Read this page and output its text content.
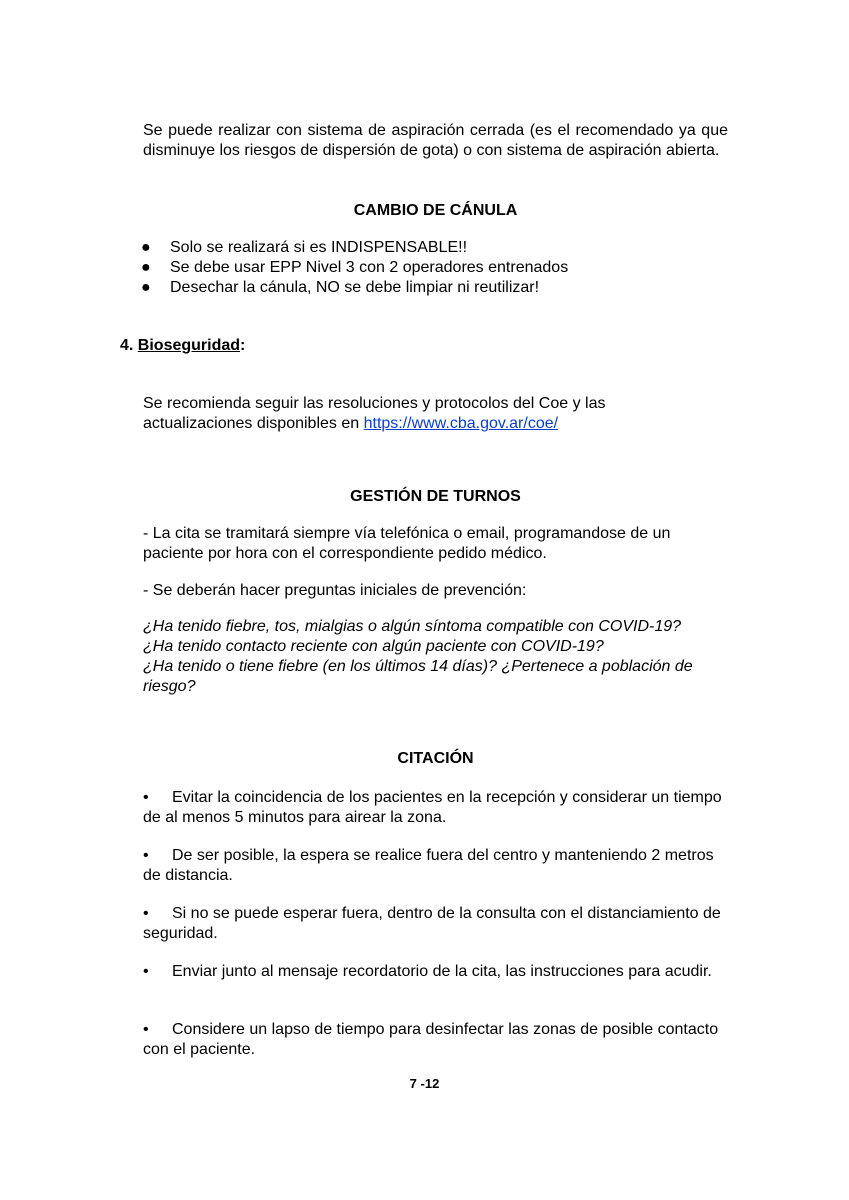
Se puede realizar con sistema de aspiración cerrada (es el recomendado ya que disminuye los riesgos de dispersión de gota) o con sistema de aspiración abierta.
CAMBIO DE CÁNULA
● Solo se realizará si es INDISPENSABLE!!
● Se debe usar EPP Nivel 3 con 2 operadores entrenados
● Desechar la cánula, NO se debe limpiar ni reutilizar!
4. Bioseguridad:
Se recomienda seguir las resoluciones y protocolos del Coe y las
actualizaciones disponibles en https://www.cba.gov.ar/coe/
GESTIÓN DE TURNOS
- La cita se tramitará siempre vía telefónica o email, programandose de un paciente por hora con el correspondiente pedido médico.
- Se deberán hacer preguntas iniciales de prevención:
¿Ha tenido fiebre, tos, mialgias o algún síntoma compatible con COVID-19?
¿Ha tenido contacto reciente con algún paciente con COVID-19?
¿Ha tenido o tiene fiebre (en los últimos 14 días)? ¿Pertenece a población de riesgo?
CITACIÓN
• Evitar la coincidencia de los pacientes en la recepción y considerar un tiempo de al menos 5 minutos para airear la zona.
• De ser posible, la espera se realice fuera del centro y manteniendo 2 metros de distancia.
• Si no se puede esperar fuera, dentro de la consulta con el distanciamiento de seguridad.
• Enviar junto al mensaje recordatorio de la cita, las instrucciones para acudir.
• Considere un lapso de tiempo para desinfectar las zonas de posible contacto con el paciente.
7 -12
